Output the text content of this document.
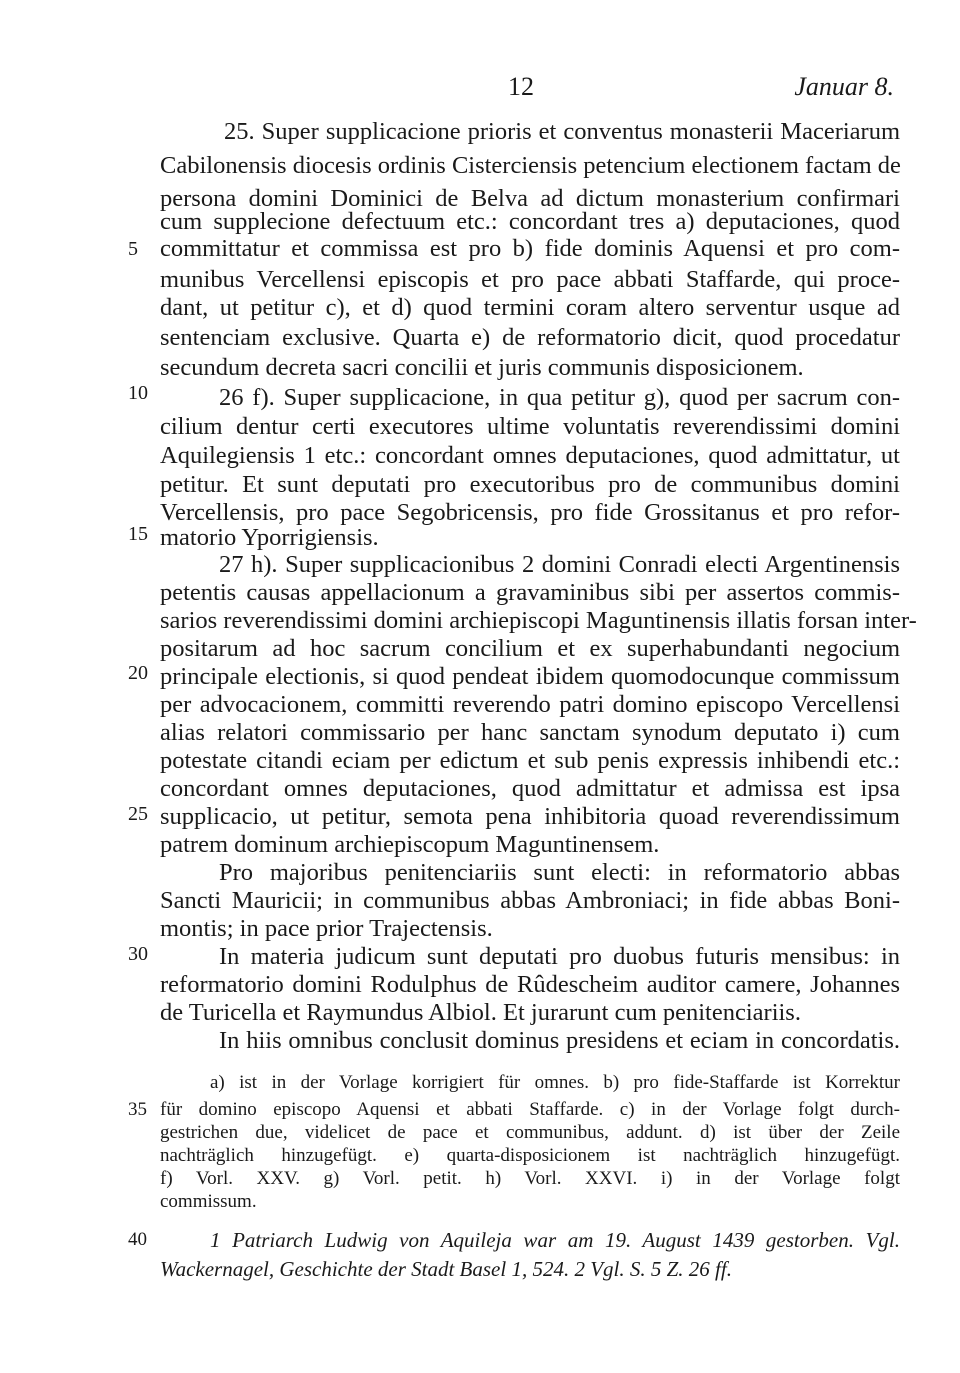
12	Januar 8.
25. Super supplicacione prioris et conventus monasterii Maceriarum
Cabilonensis diocesis ordinis Cisterciensis petencium electionem factam de
persona domini Dominici de Belva ad dictum monasterium confirmari
cum supplecione defectuum etc.: concordant tres a) deputaciones, quod
committatur et commissa est pro b) fide dominis Aquensi et pro com-
munibus Vercellensi episcopis et pro pace abbati Staffarde, qui proce-
dant, ut petitur c), et d) quod termini coram altero serventur usque ad
sentenciam exclusive. Quarta e) de reformatorio dicit, quod procedatur
secundum decreta sacri concilii et juris communis disposicionem.
26 f). Super supplicacione, in qua petitur g), quod per sacrum con-
cilium dentur certi executores ultime voluntatis reverendissimi domini
Aquilegiensis 1 etc.: concordant omnes deputaciones, quod admittatur, ut
petitur. Et sunt deputati pro executoribus pro de communibus domini
Vercellensis, pro pace Segobricensis, pro fide Grossitanus et pro refor-
matorio Yporrigiensis.
27 h). Super supplicacionibus 2 domini Conradi electi Argentinensis
petentis causas appellacionum a gravaminibus sibi per assertos commis-
sarios reverendissimi domini archiepiscopi Maguntinensis illatis forsan inter-
positarum ad hoc sacrum concilium et ex superhabundanti negocium
principale electionis, si quod pendeat ibidem quomodocunque commissum
per advocacionem, committi reverendo patri domino episcopo Vercellensi
alias relatori commissario per hanc sanctam synodum deputato i) cum
potestate citandi eciam per edictum et sub penis expressis inhibendi etc.:
concordant omnes deputaciones, quod admittatur et admissa est ipsa
supplicacio, ut petitur, semota pena inhibitoria quoad reverendissimum
patrem dominum archiepiscopum Maguntinensem.
Pro majoribus penitenciariis sunt electi: in reformatorio abbas
Sancti Mauricii; in communibus abbas Ambroniaci; in fide abbas Boni-
montis; in pace prior Trajectensis.
In materia judicum sunt deputati pro duobus futuris mensibus: in
reformatorio domini Rodulphus de Rûdescheim auditor camere, Johannes
de Turicella et Raymundus Albiol. Et jurarunt cum penitenciariis.
In hiis omnibus conclusit dominus presidens et eciam in concordatis.
5
10
15
20
25
30
35
40
a) ist in der Vorlage korrigiert für omnes. b) pro fide-Staffarde ist Korrektur
für domino episcopo Aquensi et abbati Staffarde. c) in der Vorlage folgt durch-
gestrichen due, videlicet de pace et communibus, addunt. d) ist über der Zeile
nachträglich hinzugefügt. e) quarta-disposicionem ist nachträglich hinzugefügt.
f) Vorl. XXV. g) Vorl. petit. h) Vorl. XXVI. i) in der Vorlage folgt
commissum.
1 Patriarch Ludwig von Aquileja war am 19. August 1439 gestorben. Vgl.
Wackernagel, Geschichte der Stadt Basel 1, 524. 2 Vgl. S. 5 Z. 26 ff.
